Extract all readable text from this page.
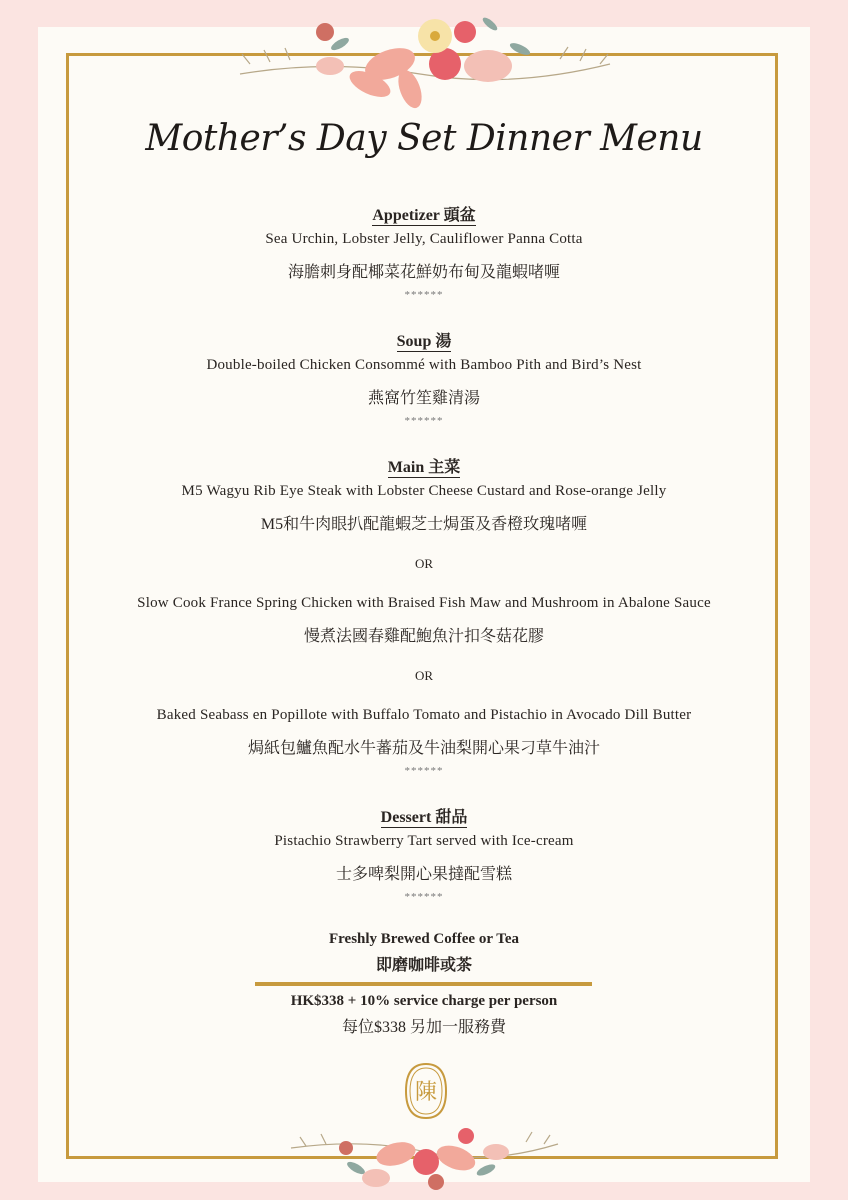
Mother’s Day Set Dinner Menu
Appetizer 頭盆
Sea Urchin, Lobster Jelly, Cauliflower Panna Cotta
海膽刺身配椰菜花鮮奶布甸及龍蝦啫喱
******
Soup 湯
Double-boiled Chicken Consommé with Bamboo Pith and Bird’s Nest
燕窩竹笙雞清湯
******
Main 主菜
M5 Wagyu Rib Eye Steak with Lobster Cheese Custard and Rose-orange Jelly
M5和牛肉眼扒配龍蝦芝士焗蛋及香橙玫瑰啫喱
OR
Slow Cook France Spring Chicken with Braised Fish Maw and Mushroom in Abalone Sauce
慢煮法國春雞配鮑魚汁扣冬菇花膠
OR
Baked Seabass en Popillote with Buffalo Tomato and Pistachio in Avocado Dill Butter
焗紙包鱸魚配水牛蕃茄及牛油梨開心果刁草牛油汁
******
Dessert 甜品
Pistachio Strawberry Tart served with Ice-cream
士多啤梨開心果撻配雪糕
******
Freshly Brewed Coffee or Tea
即磨咖啡或茶
HK$338 + 10% service charge per person
每位$338 另加一服務費
陳
